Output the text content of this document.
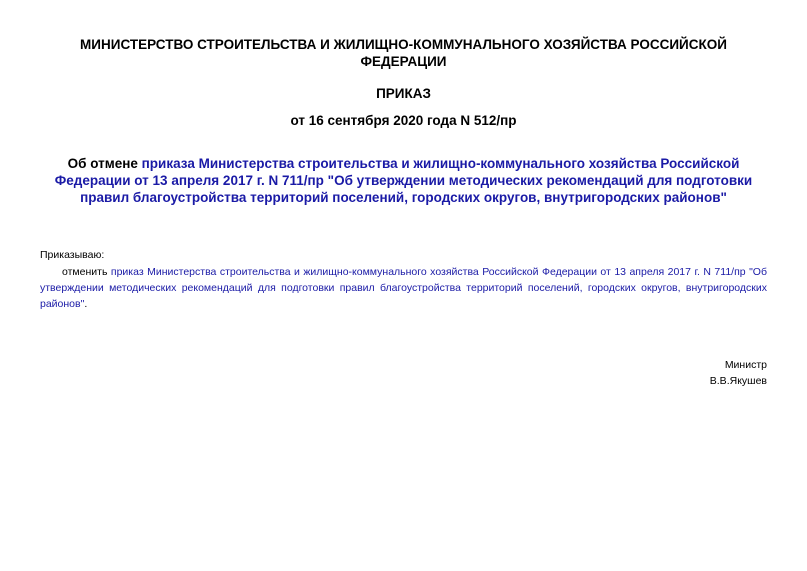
МИНИСТЕРСТВО СТРОИТЕЛЬСТВА И ЖИЛИЩНО-КОММУНАЛЬНОГО ХОЗЯЙСТВА РОССИЙСКОЙ ФЕДЕРАЦИИ
ПРИКАЗ
от 16 сентября 2020 года N 512/пр
Об отмене приказа Министерства строительства и жилищно-коммунального хозяйства Российской Федерации от 13 апреля 2017 г. N 711/пр "Об утверждении методических рекомендаций для подготовки правил благоустройства территорий поселений, городских округов, внутригородских районов"
Приказываю:
отменить приказ Министерства строительства и жилищно-коммунального хозяйства Российской Федерации от 13 апреля 2017 г. N 711/пр "Об утверждении методических рекомендаций для подготовки правил благоустройства территорий поселений, городских округов, внутригородских районов".
Министр
В.В.Якушев
